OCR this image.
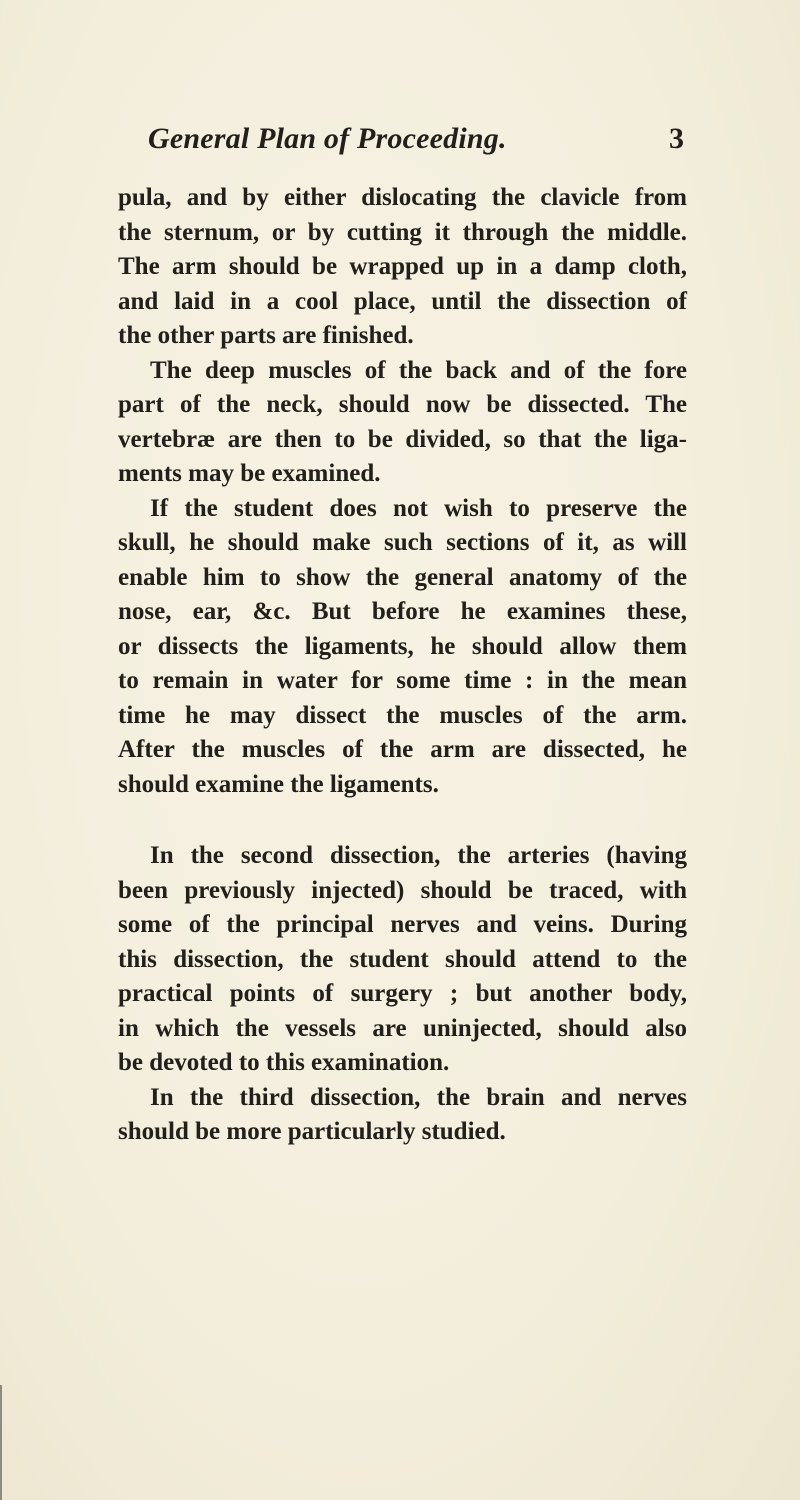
General Plan of Proceeding.	3
pula, and by either dislocating the clavicle from
the sternum, or by cutting it through the middle.
The arm should be wrapped up in a damp cloth,
and laid in a cool place, until the dissection of
the other parts are finished.
The deep muscles of the back and of the fore
part of the neck, should now be dissected. The
vertebræ are then to be divided, so that the liga-
ments may be examined.
If the student does not wish to preserve the
skull, he should make such sections of it, as will
enable him to show the general anatomy of the
nose, ear, &c. But before he examines these,
or dissects the ligaments, he should allow them
to remain in water for some time : in the mean
time he may dissect the muscles of the arm.
After the muscles of the arm are dissected, he
should examine the ligaments.
In the second dissection, the arteries (having
been previously injected) should be traced, with
some of the principal nerves and veins. During
this dissection, the student should attend to the
practical points of surgery ; but another body,
in which the vessels are uninjected, should also
be devoted to this examination.
In the third dissection, the brain and nerves
should be more particularly studied.
